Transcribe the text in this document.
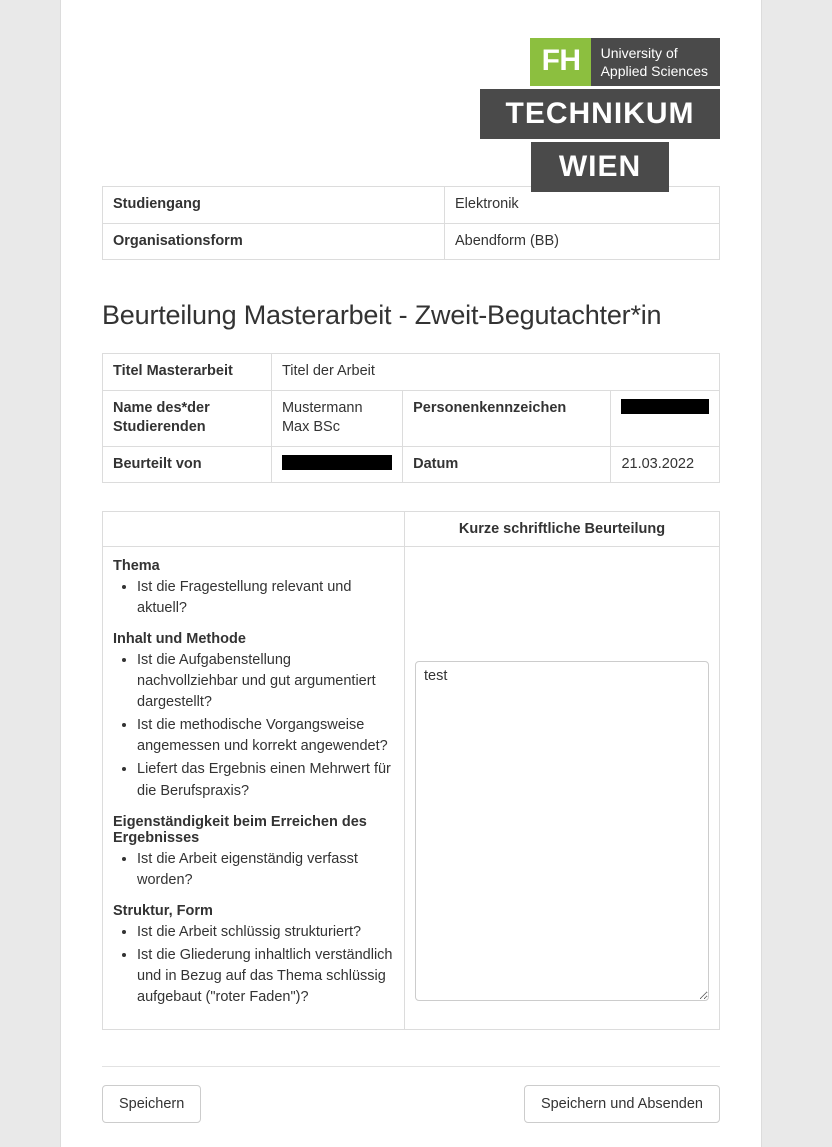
FH	University of
Applied Sciences
TECHNIKUM
WIEN
Studiengang	Elektronik
Organisationsform	Abendform (BB)
Beurteilung Masterarbeit - Zweit-Begutachter*in
Titel Masterarbeit	Titel der Arbeit		
Name des*der Studierenden	Mustermann Max BSc	Personenkennzeichen	

Beurteilt von		Datum	21.03.2022
	Kurze schriftliche Beurteilung

Thema
• Ist die Fragestellung relevant und aktuell?
Inhalt und Methode
• Ist die Aufgabenstellung nachvollziehbar und gut argumentiert dargestellt?
• Ist die methodische Vorgangsweise angemessen und korrekt angewendet?
• Liefert das Ergebnis einen Mehrwert für die Berufspraxis?
Eigenständigkeit beim Erreichen des Ergebnisses
• Ist die Arbeit eigenständig verfasst worden?
Struktur, Form
• Ist die Arbeit schlüssig strukturiert?
• Ist die Gliederung inhaltlich verständlich und in Bezug auf das Thema schlüssig aufgebaut ("roter Faden")?
	test
Speichern	Speichern und Absenden
